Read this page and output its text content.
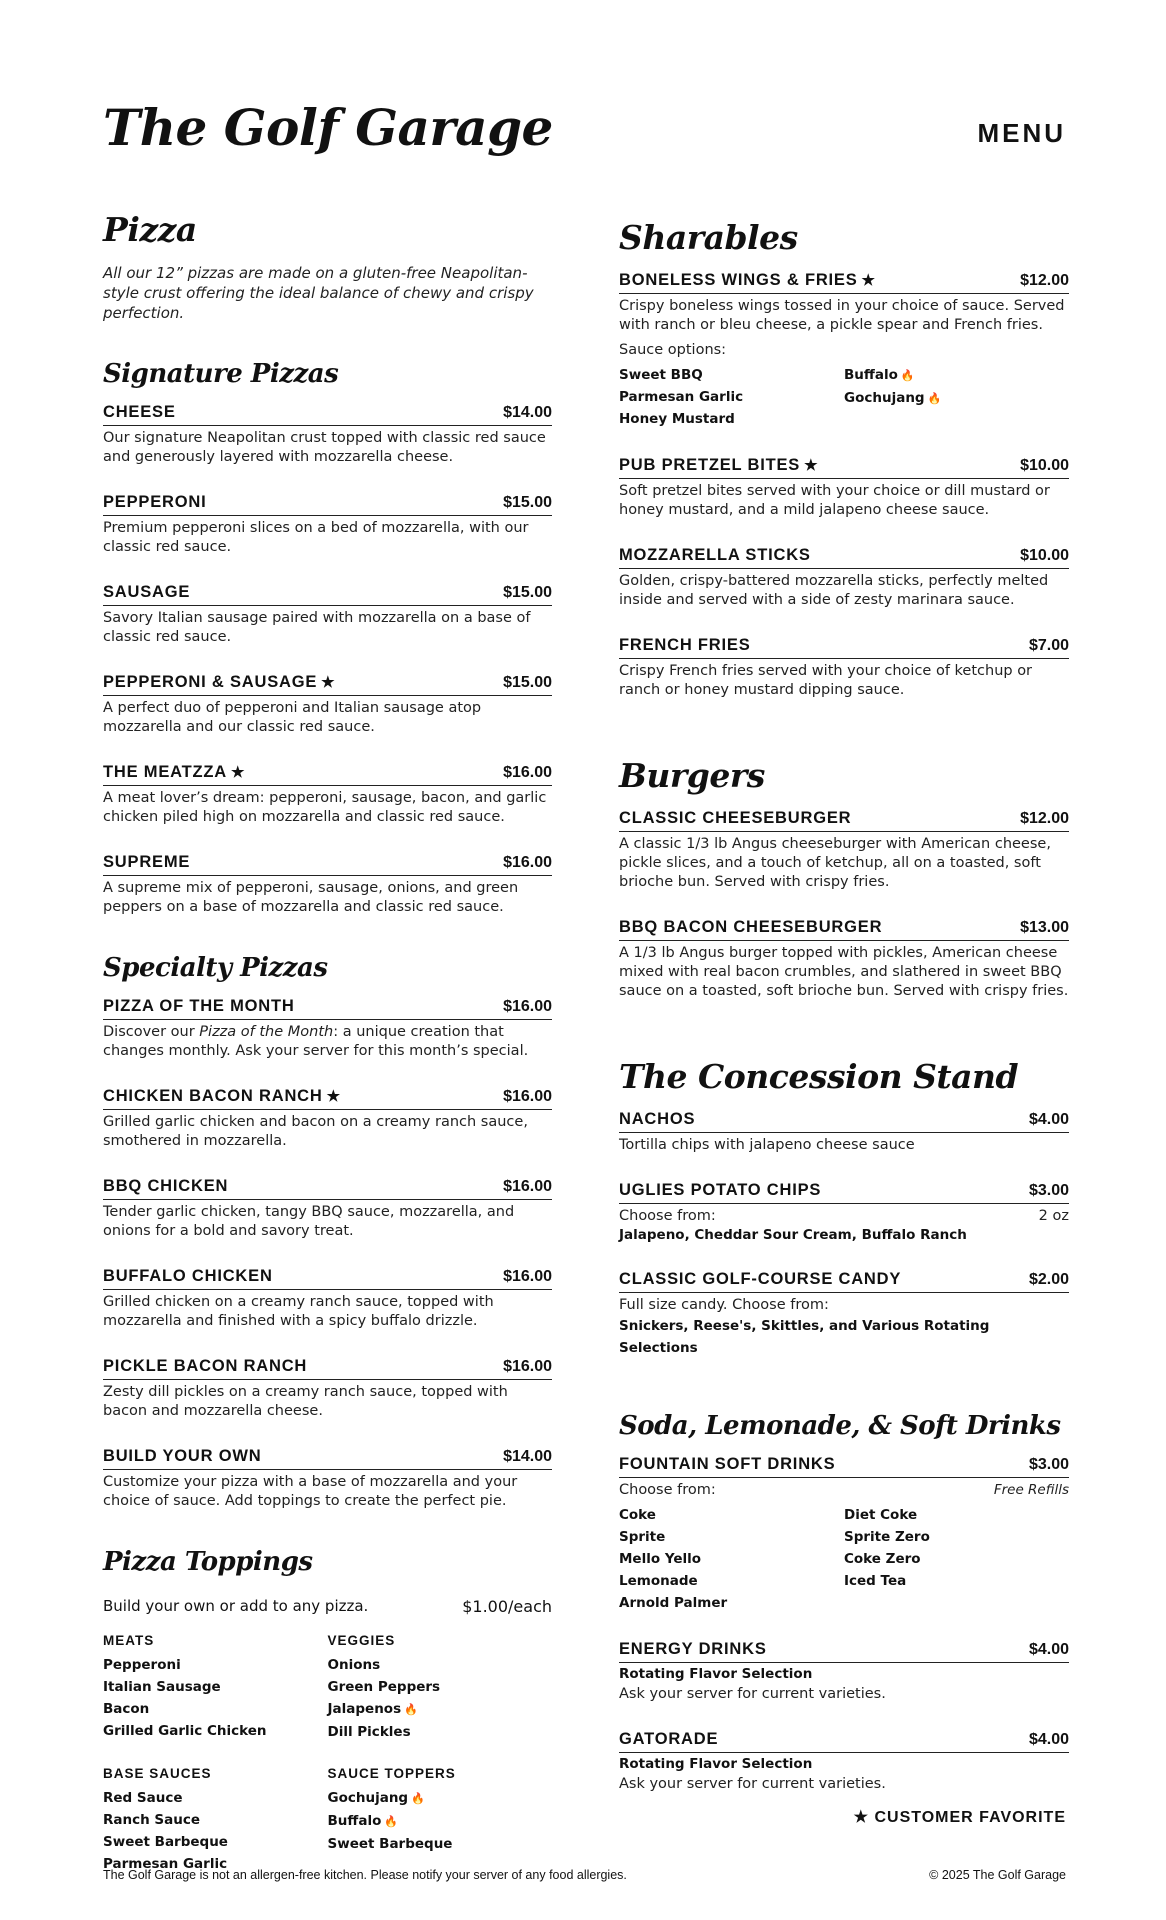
The Golf Garage	MENU
Pizza
All our 12” pizzas are made on a gluten-free Neapolitan-style crust offering the ideal balance of chewy and crispy perfection.
Signature Pizzas
CHEESE	$14.00
Our signature Neapolitan crust topped with classic red sauce and generously layered with mozzarella cheese.
PEPPERONI	$15.00
Premium pepperoni slices on a bed of mozzarella, with our classic red sauce.
SAUSAGE	$15.00
Savory Italian sausage paired with mozzarella on a base of classic red sauce.
PEPPERONI & SAUSAGE ★	$15.00
A perfect duo of pepperoni and Italian sausage atop mozzarella and our classic red sauce.
THE MEATZZA ★	$16.00
A meat lover’s dream: pepperoni, sausage, bacon, and garlic chicken piled high on mozzarella and classic red sauce.
SUPREME	$16.00
A supreme mix of pepperoni, sausage, onions, and green peppers on a base of mozzarella and classic red sauce.
Specialty Pizzas
PIZZA OF THE MONTH	$16.00
Discover our Pizza of the Month: a unique creation that changes monthly. Ask your server for this month’s special.
CHICKEN BACON RANCH ★	$16.00
Grilled garlic chicken and bacon on a creamy ranch sauce, smothered in mozzarella.
BBQ CHICKEN	$16.00
Tender garlic chicken, tangy BBQ sauce, mozzarella, and onions for a bold and savory treat.
BUFFALO CHICKEN	$16.00
Grilled chicken on a creamy ranch sauce, topped with mozzarella and finished with a spicy buffalo drizzle.
PICKLE BACON RANCH	$16.00
Zesty dill pickles on a creamy ranch sauce, topped with bacon and mozzarella cheese.
BUILD YOUR OWN	$14.00
Customize your pizza with a base of mozzarella and your choice of sauce. Add toppings to create the perfect pie.
Pizza Toppings
Build your own or add to any pizza.	$1.00/each
MEATS
Pepperoni
Italian Sausage
Bacon
Grilled Garlic Chicken
VEGGIES
Onions
Green Peppers
Jalapenos 🔥
Dill Pickles
BASE SAUCES
Red Sauce
Ranch Sauce
Sweet Barbeque
Parmesan Garlic
SAUCE TOPPERS
Gochujang 🔥
Buffalo 🔥
Sweet Barbeque
Sharables
BONELESS WINGS & FRIES ★	$12.00
Crispy boneless wings tossed in your choice of sauce. Served with ranch or bleu cheese, a pickle spear and French fries.
Sauce options:
Sweet BBQ
Parmesan Garlic
Honey Mustard
Buffalo 🔥
Gochujang 🔥
PUB PRETZEL BITES ★	$10.00
Soft pretzel bites served with your choice or dill mustard or honey mustard, and a mild jalapeno cheese sauce.
MOZZARELLA STICKS	$10.00
Golden, crispy-battered mozzarella sticks, perfectly melted inside and served with a side of zesty marinara sauce.
FRENCH FRIES	$7.00
Crispy French fries served with your choice of ketchup or ranch or honey mustard dipping sauce.
Burgers
CLASSIC CHEESEBURGER	$12.00
A classic 1/3 lb Angus cheeseburger with American cheese, pickle slices, and a touch of ketchup, all on a toasted, soft brioche bun. Served with crispy fries.
BBQ BACON CHEESEBURGER	$13.00
A 1/3 lb Angus burger topped with pickles, American cheese mixed with real bacon crumbles, and slathered in sweet BBQ sauce on a toasted, soft brioche bun. Served with crispy fries.
The Concession Stand
NACHOS	$4.00
Tortilla chips with jalapeno cheese sauce
UGLIES POTATO CHIPS	$3.00
Choose from:	2 oz
Jalapeno, Cheddar Sour Cream, Buffalo Ranch
CLASSIC GOLF-COURSE CANDY	$2.00
Full size candy. Choose from:
Snickers, Reese's, Skittles, and Various Rotating Selections
Soda, Lemonade, & Soft Drinks
FOUNTAIN SOFT DRINKS	$3.00
Choose from:	Free Refills
Coke
Sprite
Mello Yello
Lemonade
Arnold Palmer
Diet Coke
Sprite Zero
Coke Zero
Iced Tea
ENERGY DRINKS	$4.00
Rotating Flavor Selection
Ask your server for current varieties.
GATORADE	$4.00
Rotating Flavor Selection
Ask your server for current varieties.
★ CUSTOMER FAVORITE
The Golf Garage is not an allergen-free kitchen. Please notify your server of any food allergies.	© 2025 The Golf Garage
